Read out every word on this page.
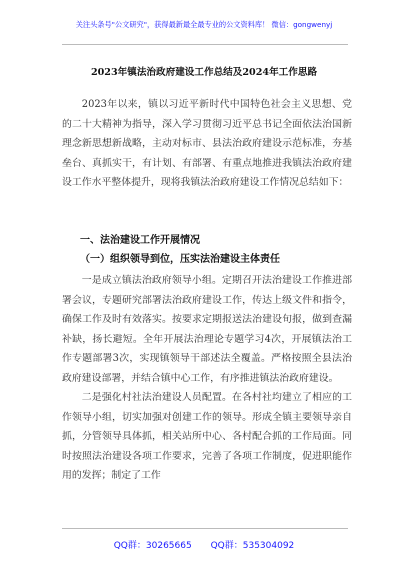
关注头条号"公文研究"，获得最新最全最专业的公文资料库！ 微信：gongwenyj
2023年镇法治政府建设工作总结及2024年工作思路

2023年以来，镇以习近平新时代中国特色社会主义思想、党的二十大精神为指导，深入学习贯彻习近平总书记全面依法治国新理念新思想新战略，主动对标市、县法治政府建设示范标准，夯基垒台、真抓实干，有计划、有部署、有重点地推进我镇法治政府建设工作水平整体提升，现将我镇法治政府建设工作情况总结如下：

一、法治建设工作开展情况
（一）组织领导到位，压实法治建设主体责任

一是成立镇法治政府领导小组。定期召开法治建设工作推进部署会议，专题研究部署法治政府建设工作，传达上级文件和指令，确保工作及时有效落实。按要求定期报送法治建设旬报，做到查漏补缺，扬长避短。全年开展法治理论专题学习4次，开展镇法治工作专题部署3次，实现镇领导干部述法全覆盖。严格按照全县法治政府建设部署，并结合镇中心工作，有序推进镇法治政府建设。

二是强化村社法治建设人员配置。在各村社均建立了相应的工作领导小组，切实加强对创建工作的领导。形成全镇主要领导亲自抓，分管领导具体抓，相关站所中心、各村配合抓的工作局面。同时按照法治建设各项工作要求，完善了各项工作制度，促进职能作用的发挥；制定了工作

QQ群：30265665 QQ群：535304092
